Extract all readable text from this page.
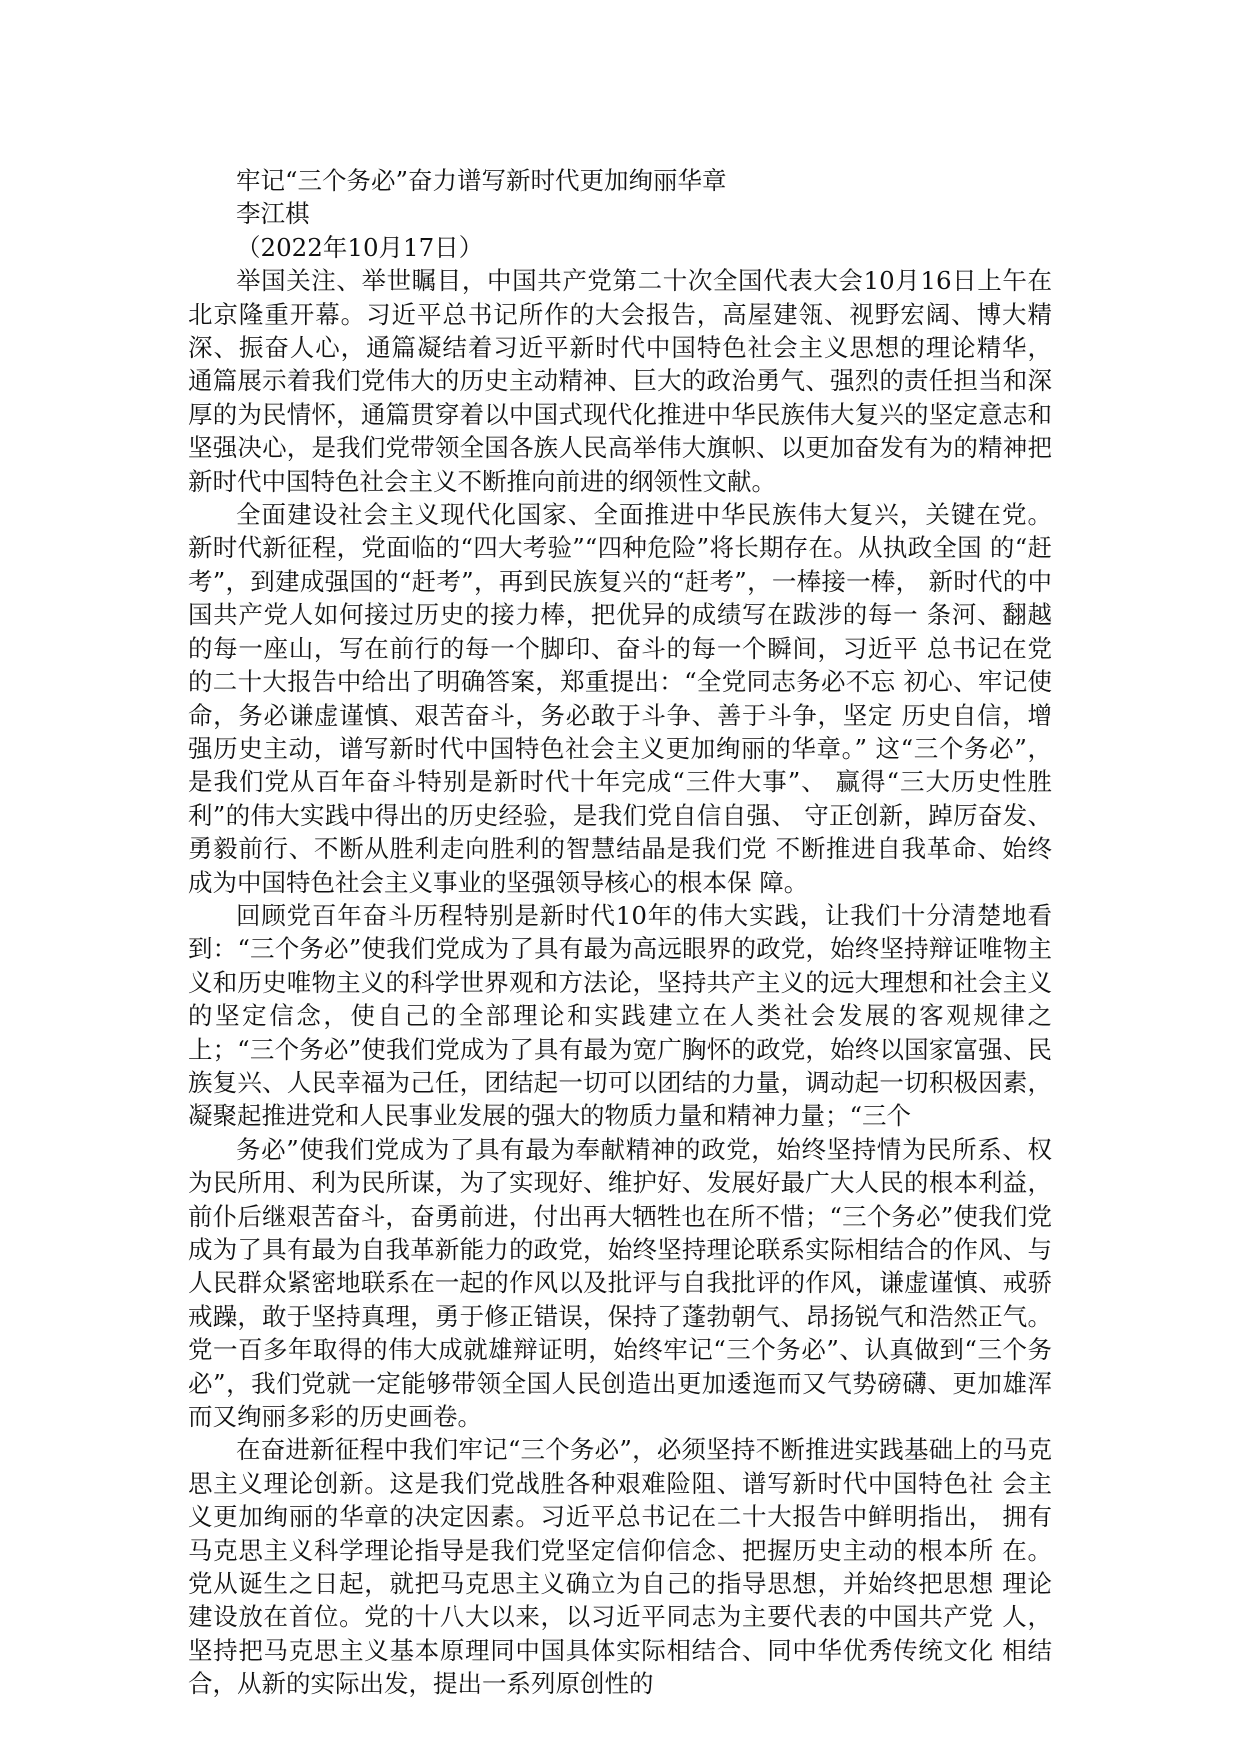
牢记“三个务必”奋力谱写新时代更加绚丽华章

李江棋

（2022年10月17日）

举国关注、举世瞩目，中国共产党第二十次全国代表大会10月16日上午在北京隆重开幕。习近平总书记所作的大会报告，高屋建瓴、视野宏阔、博大精深、振奋人心，通篇凝结着习近平新时代中国特色社会主义思想的理论精华， 通篇展示着我们党伟大的历史主动精神、巨大的政治勇气、强烈的责任担当和深厚的为民情怀，通篇贯穿着以中国式现代化推进中华民族伟大复兴的坚定意志和坚强决心，是我们党带领全国各族人民高举伟大旗帜、以更加奋发有为的精神把新时代中国特色社会主义不断推向前进的纲领性文献。

全面建设社会主义现代化国家、全面推进中华民族伟大复兴，关键在党。 新时代新征程，党面临的“四大考验”“四种危险”将长期存在。从执政全国 的“赶考”，到建成强国的“赶考”，再到民族复兴的“赶考”，一棒接一棒， 新时代的中国共产党人如何接过历史的接力棒，把优异的成绩写在跋涉的每一 条河、翻越的每一座山，写在前行的每一个脚印、奋斗的每一个瞬间，习近平 总书记在党的二十大报告中给出了明确答案，郑重提出：“全党同志务必不忘 初心、牢记使命，务必谦虚谨慎、艰苦奋斗，务必敢于斗争、善于斗争，坚定 历史自信，增强历史主动，谱写新时代中国特色社会主义更加绚丽的华章。” 这“三个务必”，是我们党从百年奋斗特别是新时代十年完成“三件大事”、 赢得“三大历史性胜利”的伟大实践中得出的历史经验，是我们党自信自强、 守正创新，踔厉奋发、勇毅前行、不断从胜利走向胜利的智慧结晶是我们党 不断推进自我革命、始终成为中国特色社会主义事业的坚强领导核心的根本保 障。

回顾党百年奋斗历程特别是新时代10年的伟大实践，让我们十分清楚地看到：“三个务必”使我们党成为了具有最为高远眼界的政党，始终坚持辩证唯物主义和历史唯物主义的科学世界观和方法论，坚持共产主义的远大理想和社会主义的坚定信念，使自己的全部理论和实践建立在人类社会发展的客观规律之上；“三个务必”使我们党成为了具有最为宽广胸怀的政党，始终以国家富强、民族复兴、人民幸福为己任，团结起一切可以团结的力量，调动起一切积极因素，凝聚起推进党和人民事业发展的强大的物质力量和精神力量；“三个

务必”使我们党成为了具有最为奉献精神的政党，始终坚持情为民所系、权为民所用、利为民所谋，为了实现好、维护好、发展好最广大人民的根本利益， 前仆后继艰苦奋斗，奋勇前进，付出再大牺牲也在所不惜；“三个务必”使我们党成为了具有最为自我革新能力的政党，始终坚持理论联系实际相结合的作风、与人民群众紧密地联系在一起的作风以及批评与自我批评的作风，谦虚谨慎、戒骄戒躁，敢于坚持真理，勇于修正错误，保持了蓬勃朝气、昂扬锐气和浩然正气。党一百多年取得的伟大成就雄辩证明，始终牢记“三个务必”、认真做到“三个务必”，我们党就一定能够带领全国人民创造出更加逶迤而又气势磅礴、更加雄浑而又绚丽多彩的历史画卷。

在奋进新征程中我们牢记“三个务必”，必须坚持不断推进实践基础上的马克思主义理论创新。这是我们党战胜各种艰难险阻、谱写新时代中国特色社 会主义更加绚丽的华章的决定因素。习近平总书记在二十大报告中鲜明指出， 拥有马克思主义科学理论指导是我们党坚定信仰信念、把握历史主动的根本所 在。党从诞生之日起，就把马克思主义确立为自己的指导思想，并始终把思想 理论建设放在首位。党的十八大以来，以习近平同志为主要代表的中国共产党 人，坚持把马克思主义基本原理同中国具体实际相结合、同中华优秀传统文化 相结合，从新的实际出发，提出一系列原创性的
